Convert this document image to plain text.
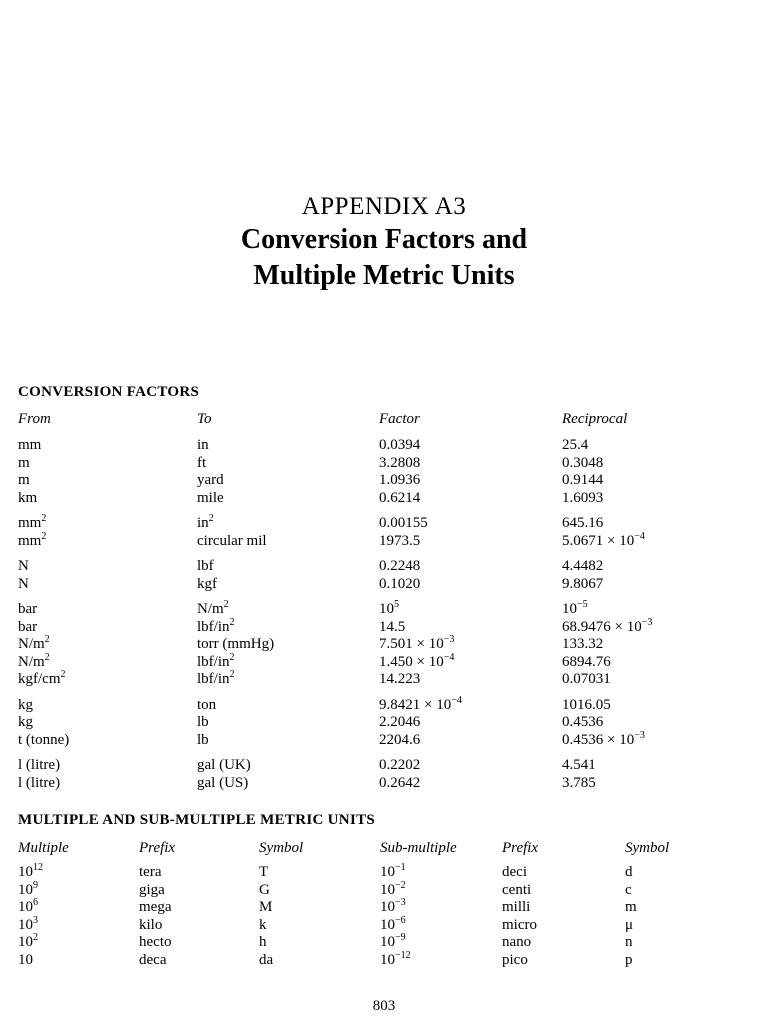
APPENDIX A3
Conversion Factors and
Multiple Metric Units
CONVERSION FACTORS
From	To	Factor	Reciprocal
mm	in	0.0394	25.4
m	ft	3.2808	0.3048
m	yard	1.0936	0.9144
km	mile	0.6214	1.6093
$mm^2$	$in^2$	0.00155	645.16
$mm^2$	circular mil	1973.5	$5.0671 \times 10^{-4}$
N	lbf	0.2248	4.4482
N	kgf	0.1020	9.8067
bar	$N/m^2$	$10^5$	$10^{-5}$
bar	lbf/$in^2$	14.5	$68.9476 \times 10^{-3}$
$N/m^2$	torr (mmHg)	$7.501 \times 10^{-3}$	133.32
$N/m^2$	lbf/$in^2$	$1.450 \times 10^{-4}$	6894.76
kgf/$cm^2$	lbf/$in^2$	14.223	0.07031
kg	ton	$9.8421 \times 10^{-4}$	1016.05
kg	lb	2.2046	0.4536
t (tonne)	lb	2204.6	$0.4536 \times 10^{-3}$
l (litre)	gal (UK)	0.2202	4.541
l (litre)	gal (US)	0.2642	3.785
MULTIPLE AND SUB-MULTIPLE METRIC UNITS
Multiple	Prefix	Symbol	Sub-multiple	Prefix	Symbol
$10^{12}$	tera	T	$10^{-1}$	deci	d
$10^9$	giga	G	$10^{-2}$	centi	c
$10^6$	mega	M	$10^{-3}$	milli	m
$10^3$	kilo	k	$10^{-6}$	micro	μ
$10^2$	hecto	h	$10^{-9}$	nano	n
10	deca	da	$10^{-12}$	pico	p
803
